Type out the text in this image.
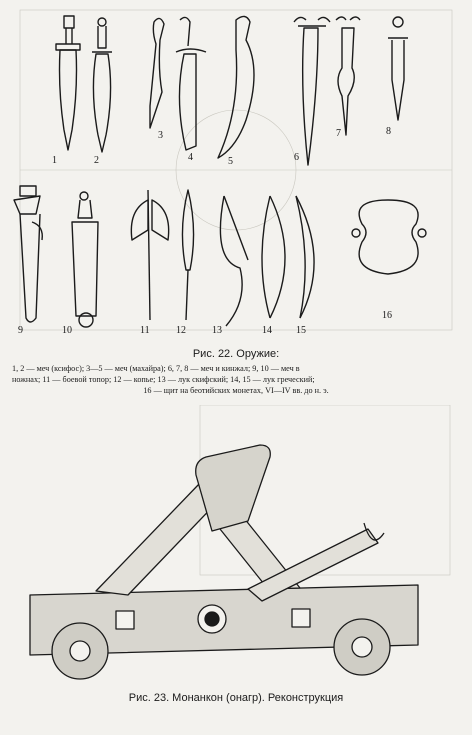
1	2
3
4	5	6
7	8
9	10	11	12	13	14 15
16
Рис. 22. Оружие:
1, 2 — меч (ксифос); 3—5 — меч (махайра); 6, 7, 8 — меч и кинжал; 9, 10 — меч в
ножнах; 11 — боевой топор; 12 — копье; 13 — лук скифский; 14, 15 — лук греческий;
16 — щит на беотийских монетах, VI—IV вв. до н. э.
Рис. 23. Монанкон (онагр). Реконструкция
